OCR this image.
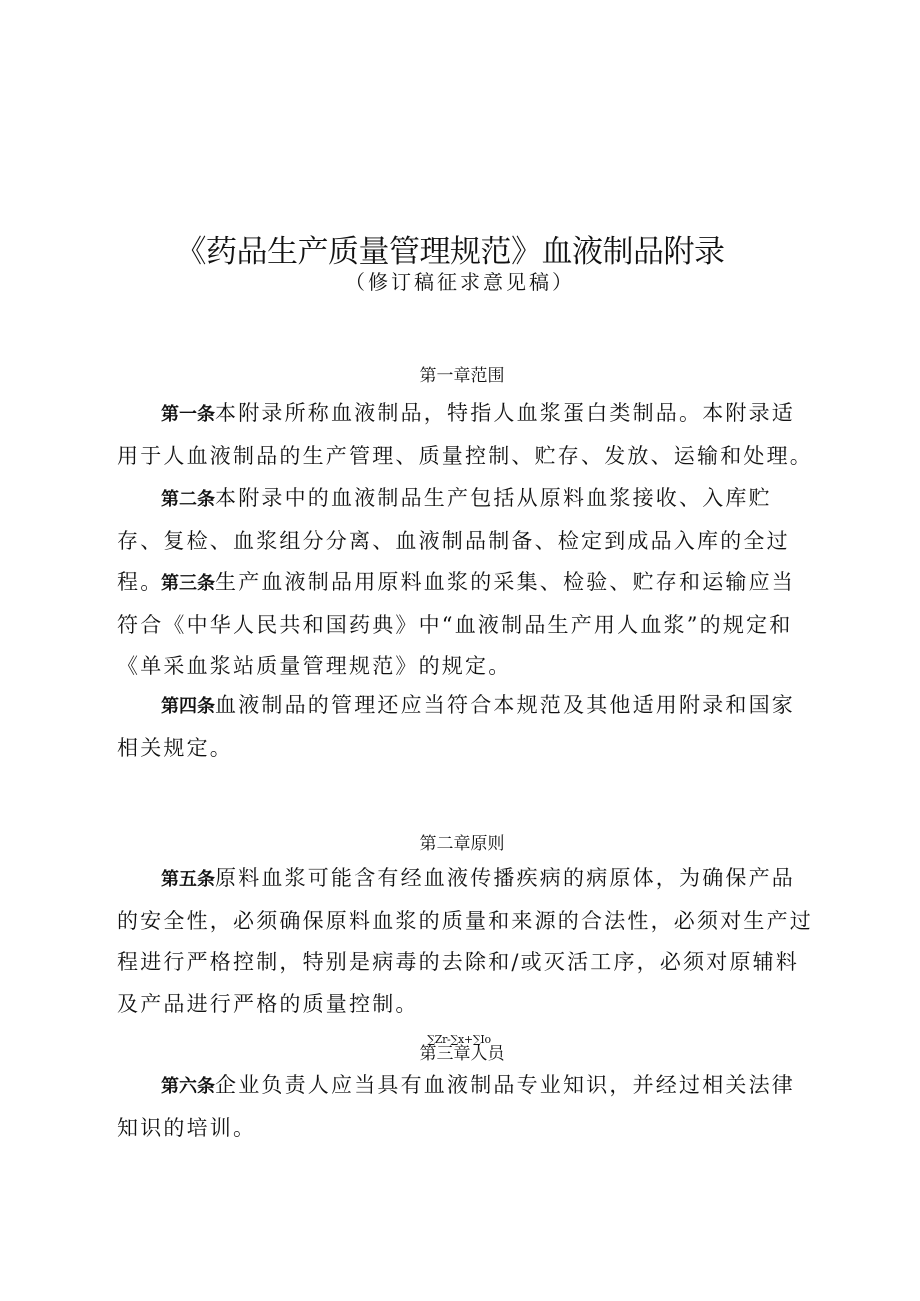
《药品生产质量管理规范》血液制品附录
（修订稿征求意见稿）
第一章范围

第一条本附录所称血液制品，特指人血浆蛋白类制品。本附录适用于人血液制品的生产管理、质量控制、贮存、发放、运输和处理。

第二条本附录中的血液制品生产包括从原料血浆接收、入库贮存、复检、血浆组分分离、血液制品制备、检定到成品入库的全过程。

第三条生产血液制品用原料血浆的采集、检验、贮存和运输应当符合《中华人民共和国药典》中“血液制品生产用人血浆”的规定和《单采血浆站质量管理规范》的规定。

第四条血液制品的管理还应当符合本规范及其他适用附录和国家相关规定。

第二章原则

第五条原料血浆可能含有经血液传播疾病的病原体，为确保产品的安全性，必须确保原料血浆的质量和来源的合法性，必须对生产过程进行严格控制，特别是病毒的去除和/或灭活工序，必须对原辅料及产品进行严格的质量控制。

∑Zr-∑x+∑Io
第三章人员

第六条企业负责人应当具有血液制品专业知识，并经过相关法律知识的培训。
